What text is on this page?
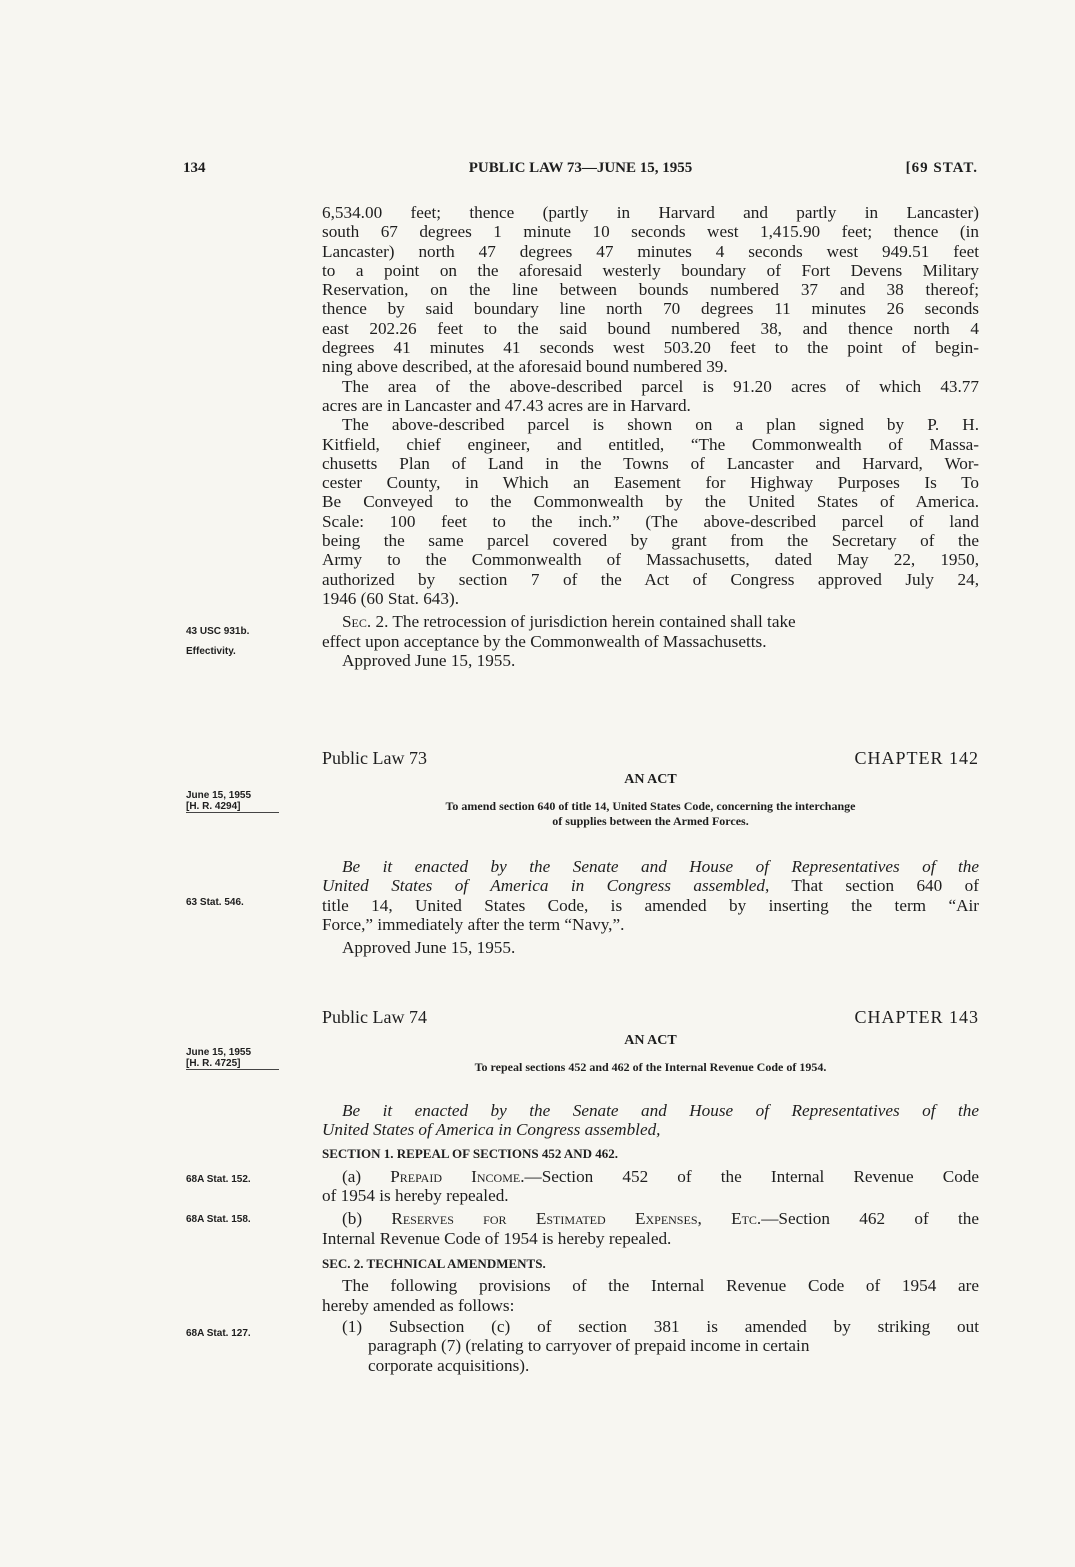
134	PUBLIC LAW 73—JUNE 15, 1955	[69 STAT.

6,534.00 feet; thence (partly in Harvard and partly in Lancaster)

south 67 degrees 1 minute 10 seconds west 1,415.90 feet; thence (in

Lancaster) north 47 degrees 47 minutes 4 seconds west 949.51 feet

to a point on the aforesaid westerly boundary of Fort Devens Military

Reservation, on the line between bounds numbered 37 and 38 thereof;

thence by said boundary line north 70 degrees 11 minutes 26 seconds

east 202.26 feet to the said bound numbered 38, and thence north 4

degrees 41 minutes 41 seconds west 503.20 feet to the point of begin-

ning above described, at the aforesaid bound numbered 39.

The area of the above-described parcel is 91.20 acres of which 43.77

acres are in Lancaster and 47.43 acres are in Harvard.

The above-described parcel is shown on a plan signed by P. H.

Kitfield, chief engineer, and entitled, “The Commonwealth of Massa-

chusetts Plan of Land in the Towns of Lancaster and Harvard, Wor-

cester County, in Which an Easement for Highway Purposes Is To

Be Conveyed to the Commonwealth by the United States of America.

Scale: 100 feet to the inch.” (The above-described parcel of land

being the same parcel covered by grant from the Secretary of the

Army to the Commonwealth of Massachusetts, dated May 22, 1950,

authorized by section 7 of the Act of Congress approved July 24,

1946 (60 Stat. 643).

Sec. 2. The retrocession of jurisdiction herein contained shall take

effect upon acceptance by the Commonwealth of Massachusetts.

Approved June 15, 1955.

43 USC 931b.
Effectivity.
June 15, 1955
[H. R. 4294]
63 Stat. 546.
June 15, 1955
[H. R. 4725]
68A Stat. 152.
68A Stat. 158.
68A Stat. 127.
Public Law 73	CHAPTER 142
AN ACT
To amend section 640 of title 14, United States Code, concerning the interchange
of supplies between the Armed Forces.

Be it enacted by the Senate and House of Representatives of the

United States of America in Congress assembled, That section 640 of

title 14, United States Code, is amended by inserting the term “Air

Force,” immediately after the term “Navy,”.

Approved June 15, 1955.

Public Law 74	CHAPTER 143
AN ACT
To repeal sections 452 and 462 of the Internal Revenue Code of 1954.

Be it enacted by the Senate and House of Representatives of the

United States of America in Congress assembled,

SECTION 1. REPEAL OF SECTIONS 452 AND 462.

(a) Prepaid Income.—Section 452 of the Internal Revenue Code

of 1954 is hereby repealed.

(b) Reserves for Estimated Expenses, Etc.—Section 462 of the

Internal Revenue Code of 1954 is hereby repealed.

SEC. 2. TECHNICAL AMENDMENTS.

The following provisions of the Internal Revenue Code of 1954 are

hereby amended as follows:

(1) Subsection (c) of section 381 is amended by striking out

paragraph (7) (relating to carryover of prepaid income in certain

corporate acquisitions).
